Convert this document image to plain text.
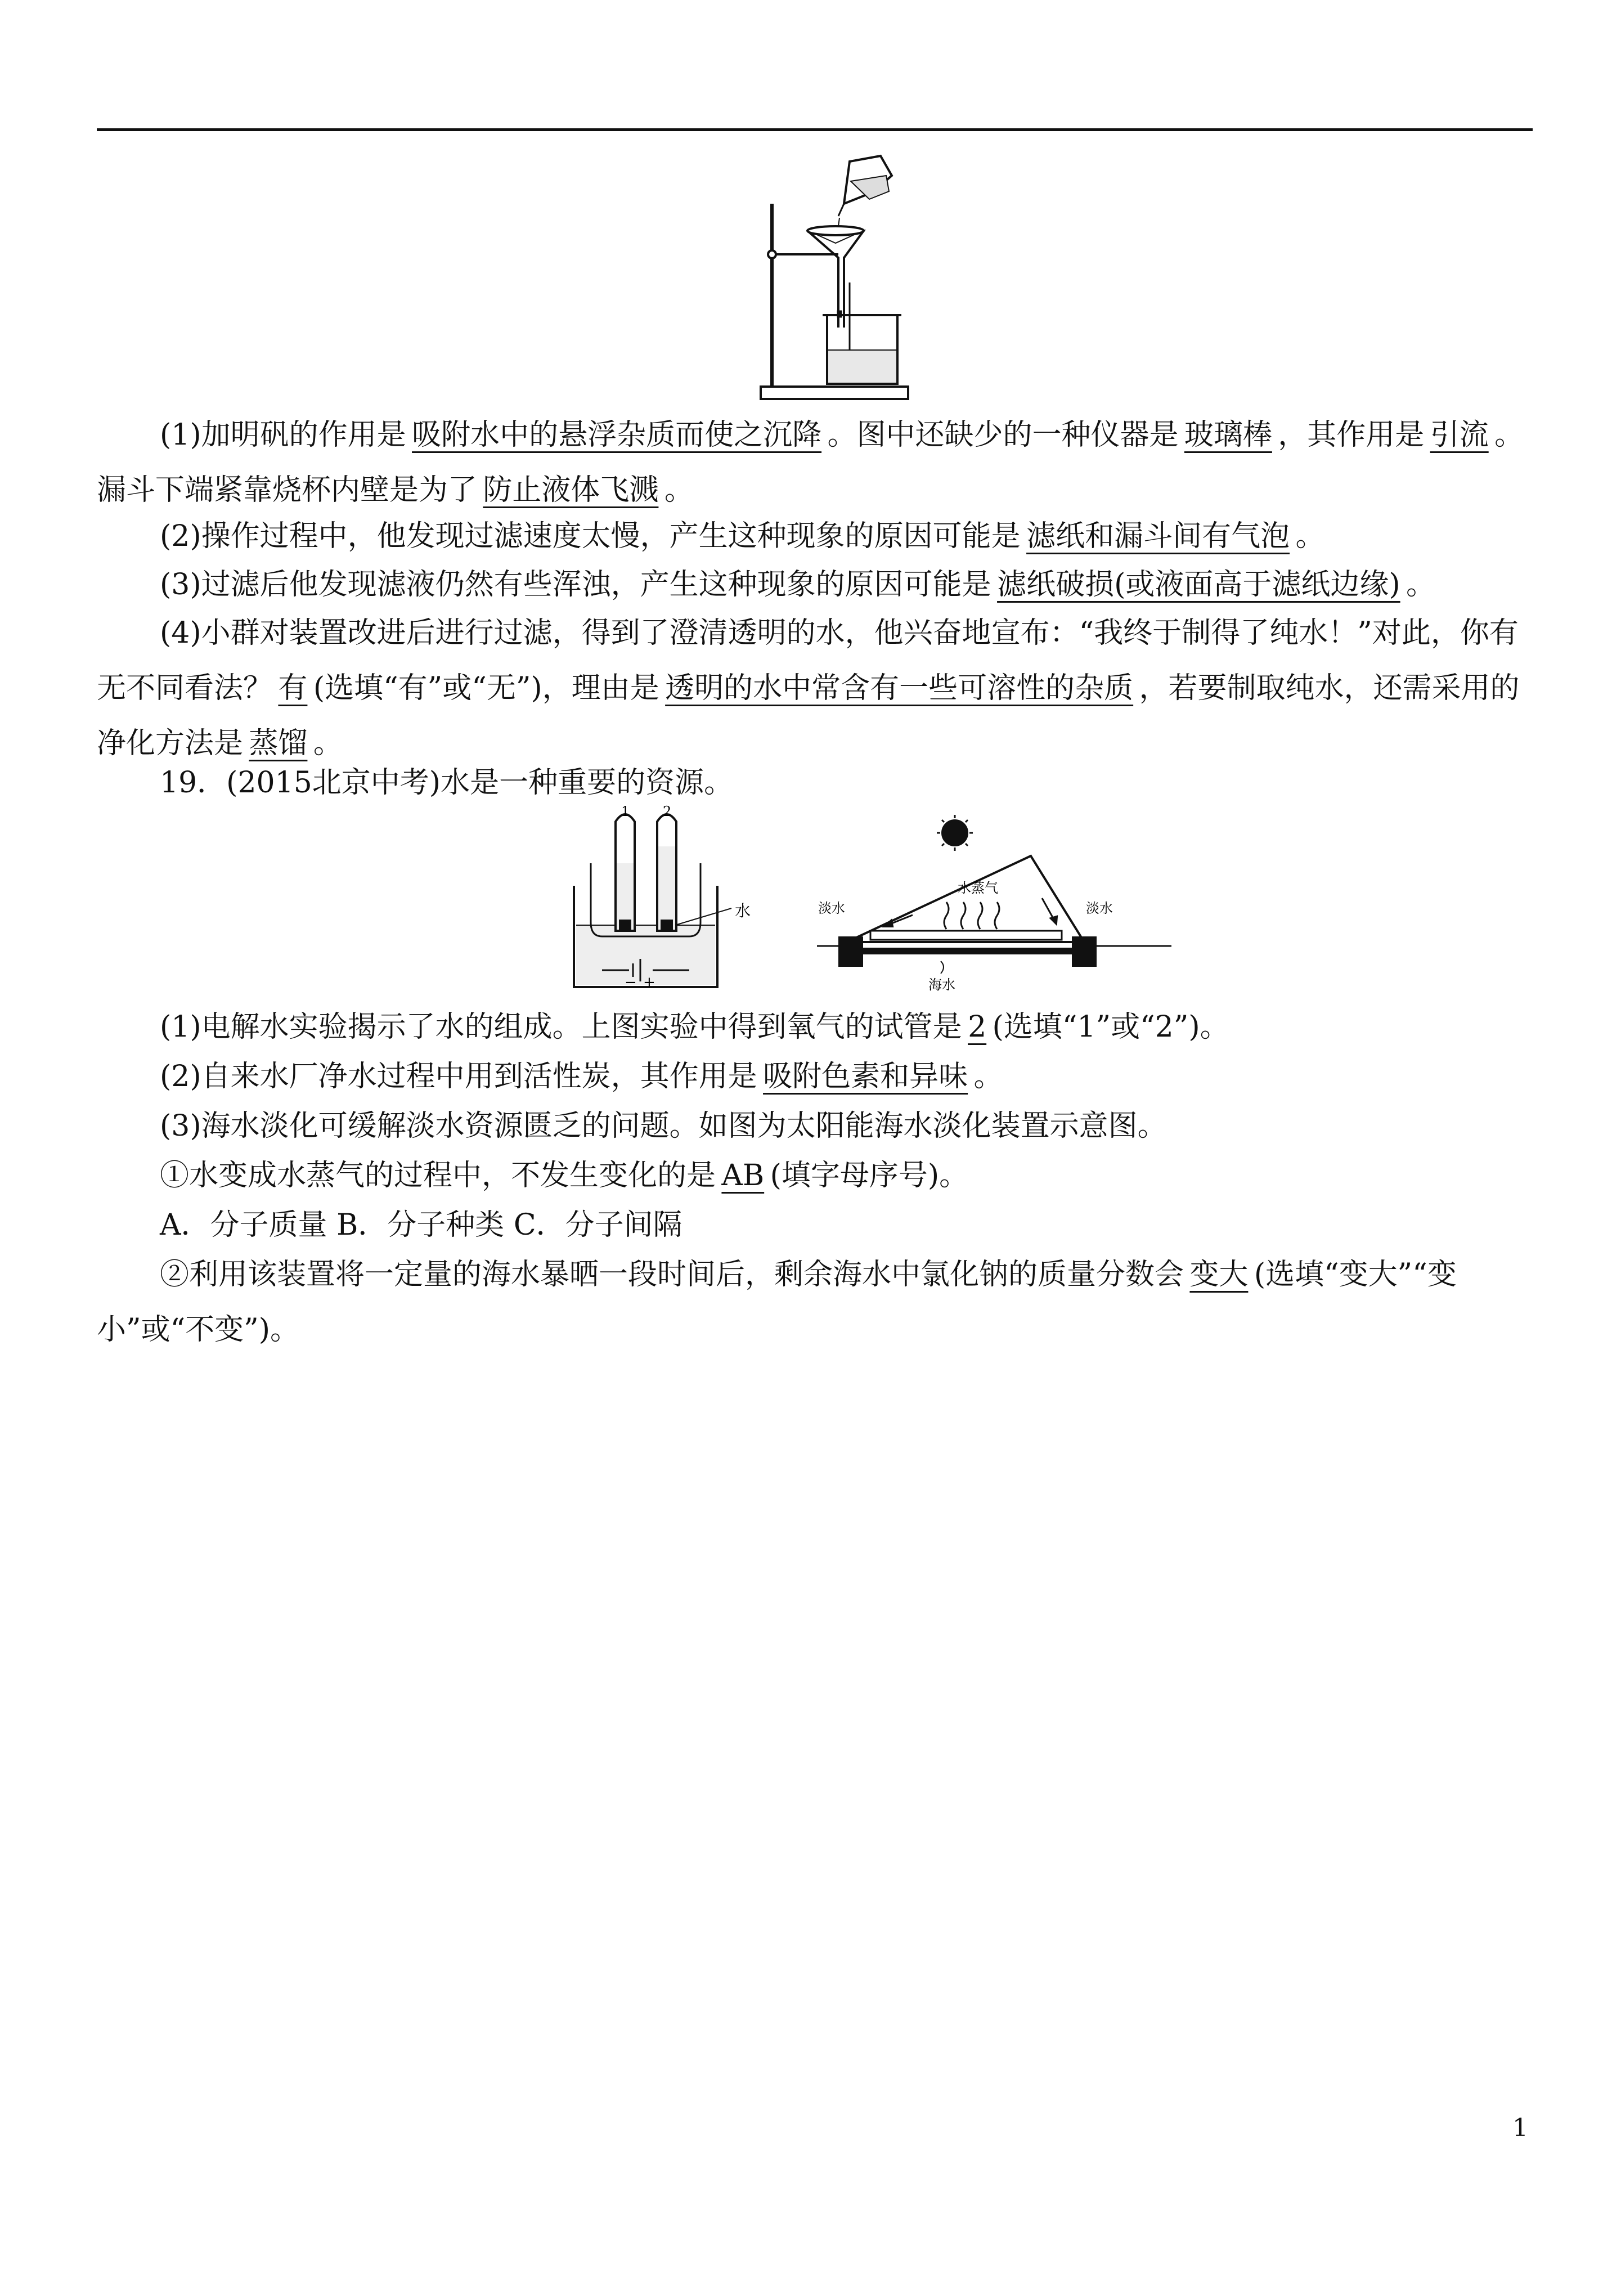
(1)加明矾的作用是 吸附水中的悬浮杂质而使之沉降 。图中还缺少的一种仪器是 玻璃棒 ，其作用是 引流 。漏斗下端紧靠烧杯内壁是为了 防止液体飞溅 。
(2)操作过程中，他发现过滤速度太慢，产生这种现象的原因可能是 滤纸和漏斗间有气泡 。
(3)过滤后他发现滤液仍然有些浑浊，产生这种现象的原因可能是 滤纸破损(或液面高于滤纸边缘) 。
(4)小群对装置改进后进行过滤，得到了澄清透明的水，他兴奋地宣布：“我终于制得了纯水！”对此，你有无不同看法？ 有 (选填“有”或“无”)，理由是 透明的水中常含有一些可溶性的杂质 ，若要制取纯水，还需采用的净化方法是 蒸馏 。
19．(2015北京中考)水是一种重要的资源。
1 2
水
− +
淡水
水蒸气
淡水
海水
(1)电解水实验揭示了水的组成。上图实验中得到氧气的试管是 2 (选填“1”或“2”)。
(2)自来水厂净水过程中用到活性炭，其作用是 吸附色素和异味 。
(3)海水淡化可缓解淡水资源匮乏的问题。如图为太阳能海水淡化装置示意图。
①水变成水蒸气的过程中，不发生变化的是 AB (填字母序号)。
A．分子质量 B．分子种类 C．分子间隔
②利用该装置将一定量的海水暴晒一段时间后，剩余海水中氯化钠的质量分数会 变大 (选填“变大”“变小”或“不变”)。
1
